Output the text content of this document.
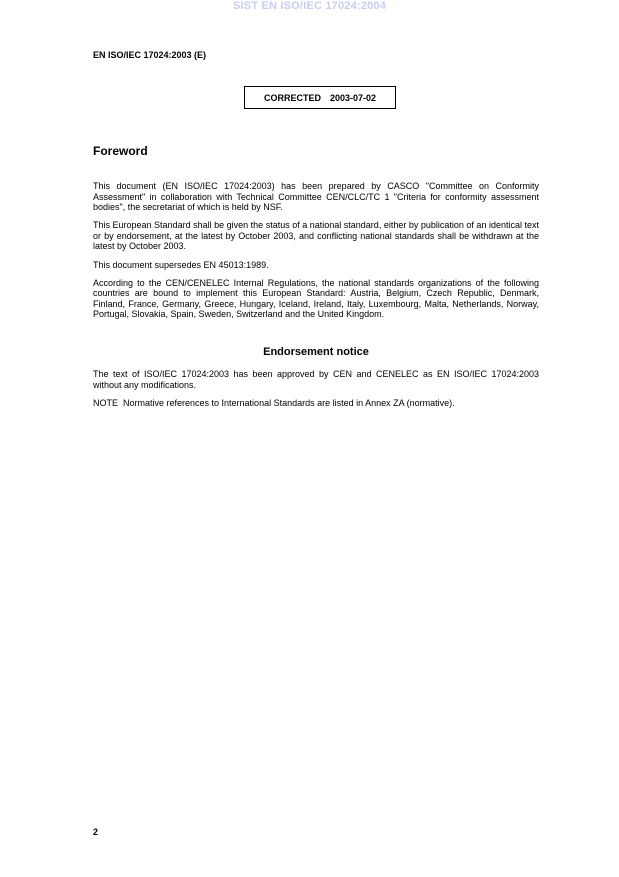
SIST EN ISO/IEC 17024:2004
EN ISO/IEC 17024:2003 (E)
CORRECTED 2003-07-02
Foreword

This document (EN ISO/IEC 17024:2003) has been prepared by CASCO "Committee on Conformity Assessment" in collaboration with Technical Committee CEN/CLC/TC 1 "Criteria for conformity assessment bodies", the secretariat of which is held by NSF.

This European Standard shall be given the status of a national standard, either by publication of an identical text or by endorsement, at the latest by October 2003, and conflicting national standards shall be withdrawn at the latest by October 2003.

This document supersedes EN 45013:1989.

According to the CEN/CENELEC Internal Regulations, the national standards organizations of the following countries are bound to implement this European Standard: Austria, Belgium, Czech Republic, Denmark, Finland, France, Germany, Greece, Hungary, Iceland, Ireland, Italy, Luxembourg, Malta, Netherlands, Norway, Portugal, Slovakia, Spain, Sweden, Switzerland and the United Kingdom.

Endorsement notice

The text of ISO/IEC 17024:2003 has been approved by CEN and CENELEC as EN ISO/IEC 17024:2003 without any modifications.

NOTE  Normative references to International Standards are listed in Annex ZA (normative).

2
